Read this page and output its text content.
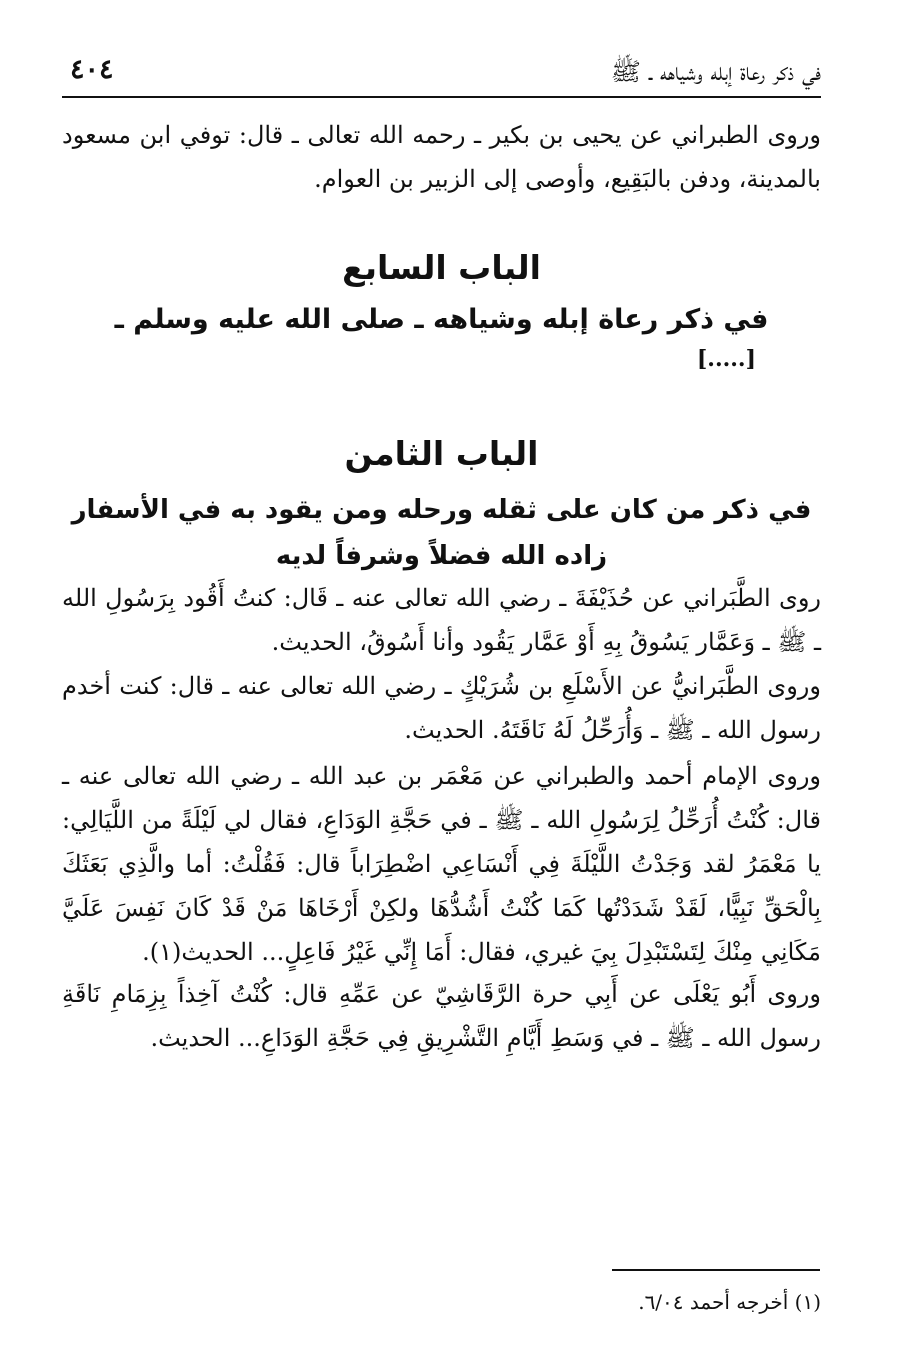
في ذكر رعاة إبله وشياهه ـ ﷺ
٤٠٤
وروى الطبراني عن يحيى بن بكير ـ رحمه الله تعالى ـ قال: توفي ابن مسعود بالمدينة، ودفن بالبَقِيع، وأوصى إلى الزبير بن العوام.
الباب السابع
في ذكر رعاة إبله وشياهه ـ صلى الله عليه وسلم ـ
[.....]
الباب الثامن
في ذكر من كان على ثقله ورحله ومن يقود به في الأسفار زاده الله فضلاً وشرفاً لديه
روى الطَّبَراني عن حُذَيْفَةَ ـ رضي الله تعالى عنه ـ قَال: كنتُ أَقُود بِرَسُولِ الله ـ ﷺ ـ وَعَمَّار يَسُوقُ بِهِ أَوْ عَمَّار يَقُود وأنا أَسُوقُ، الحديث.
وروى الطَّبَرانيُّ عن الأَسْلَعِ بن شُرَيْكٍ ـ رضي الله تعالى عنه ـ قال: كنت أخدم رسول الله ـ ﷺ ـ وَأُرَحِّلُ لَهُ نَاقَتَهُ. الحديث.
وروى الإمام أحمد والطبراني عن مَعْمَر بن عبد الله ـ رضي الله تعالى عنه ـ قال: كُنْتُ أُرَحِّلُ لِرَسُولِ الله ـ ﷺ ـ في حَجَّةِ الوَدَاعِ، فقال لي لَيْلَةً من اللَّيَالِي: يا مَعْمَرُ لقد وَجَدْتُ اللَّيْلَةَ فِي أَنْسَاعِي اضْطِرَاباً قال: فَقُلْتُ: أما والَّذِي بَعَثَكَ بِالْحَقِّ نَبِيًّا، لَقَدْ شَدَدْتُها كَمَا كُنْتُ أَشُدُّهَا ولكِنْ أَرْخَاهَا مَنْ قَدْ كَانَ نَفِسَ عَلَيَّ مَكَانِي مِنْكَ لِتَسْتَبْدِلَ بِيَ غيري، فقال: أَمَا إِنِّي غَيْرُ فَاعِلٍ... الحديث(١).
وروى أَبُو يَعْلَى عن أَبِي حرة الرَّقَاشِيّ عن عَمِّهِ قال: كُنْتُ آخِذاً بِزِمَامِ نَاقَةِ رسول الله ـ ﷺ ـ في وَسَطِ أَيَّامِ التَّشْرِيقِ فِي حَجَّةِ الوَدَاعِ... الحديث.
(١) أخرجه أحمد ٦/٠٤.
